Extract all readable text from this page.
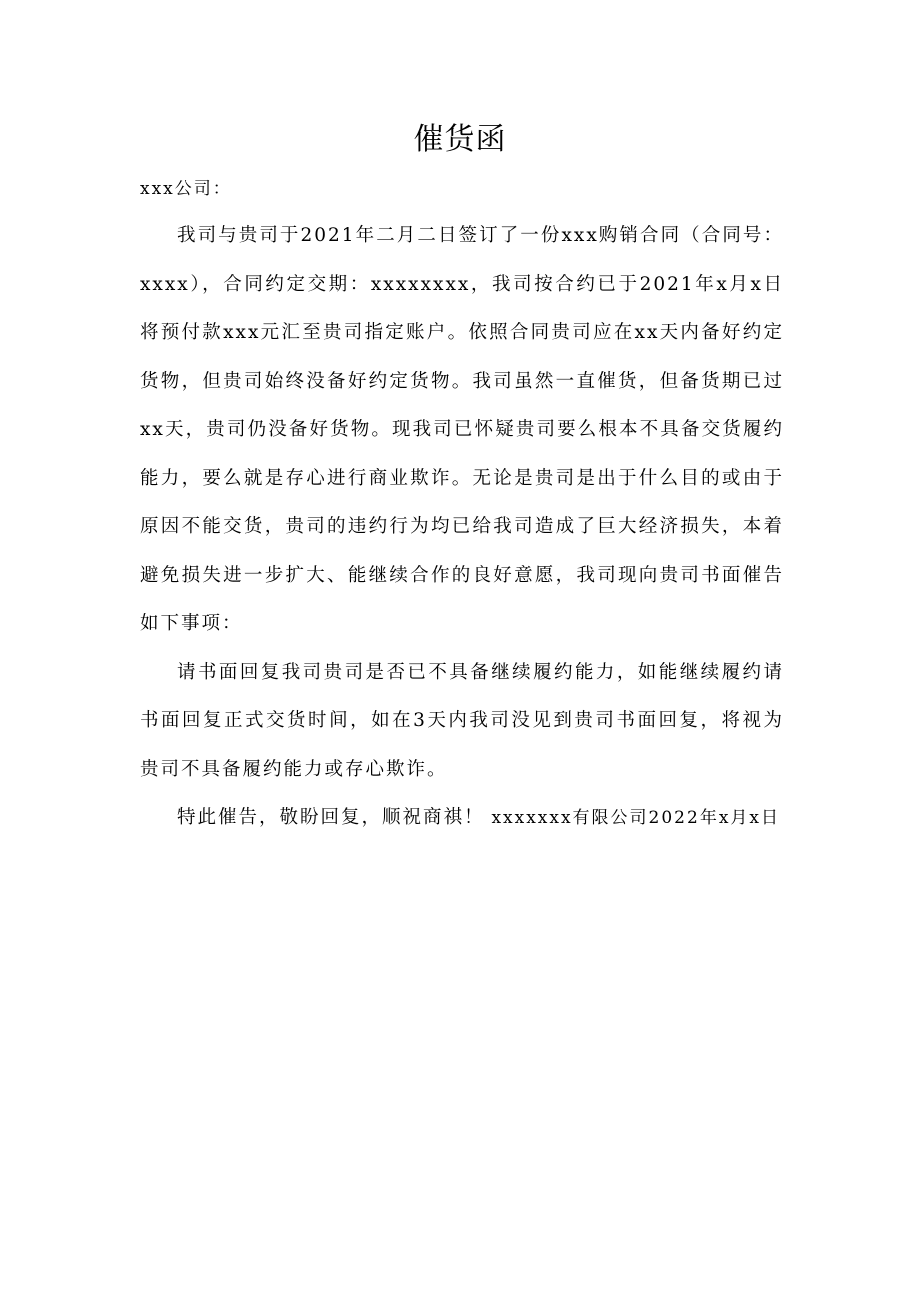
催货函
xxx公司：

我司与贵司于2021年二月二日签订了一份xxx购销合同（合同号：xxxx），合同约定交期：xxxxxxxx，我司按合约已于2021年x月x日将预付款xxx元汇至贵司指定账户。依照合同贵司应在xx天内备好约定货物，但贵司始终没备好约定货物。我司虽然一直催货，但备货期已过xx天，贵司仍没备好货物。现我司已怀疑贵司要么根本不具备交货履约能力，要么就是存心进行商业欺诈。无论是贵司是出于什么目的或由于原因不能交货，贵司的违约行为均已给我司造成了巨大经济损失，本着避免损失进一步扩大、能继续合作的良好意愿，我司现向贵司书面催告如下事项：

请书面回复我司贵司是否已不具备继续履约能力，如能继续履约请书面回复正式交货时间，如在3天内我司没见到贵司书面回复，将视为贵司不具备履约能力或存心欺诈。

特此催告，敬盼回复，顺祝商祺！ xxxxxxx有限公司2022年x月x日
